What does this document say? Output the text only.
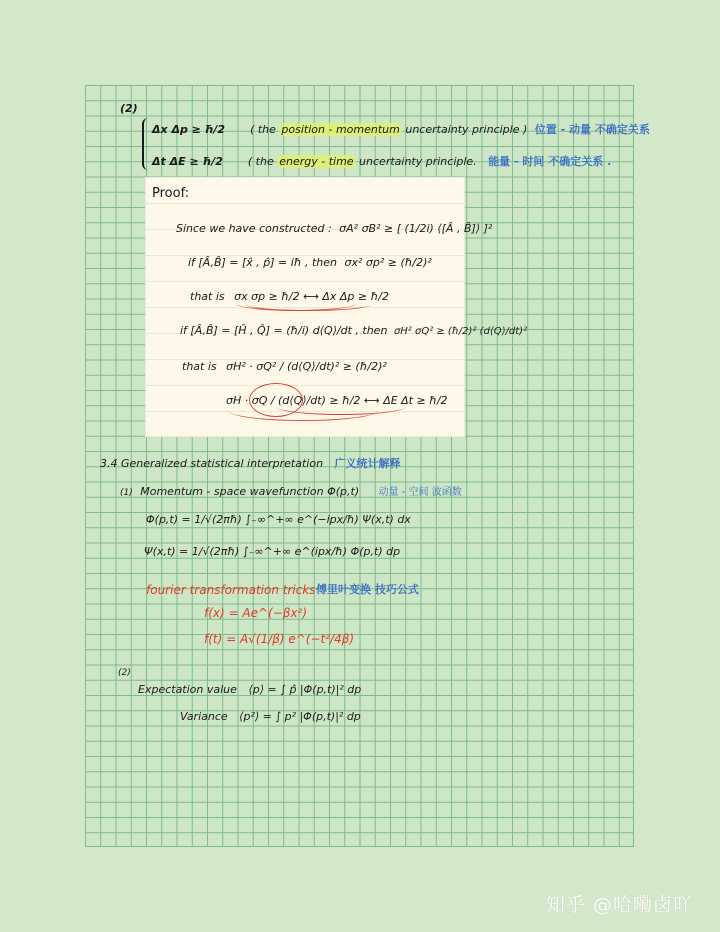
(2)
Δx Δp ≥ ħ/2 ( the position - momentum uncertainty principle ) 位置 - 动量 不确定关系
Δt ΔE ≥ ħ/2 ( the energy - time uncertainty principle. 能量 - 时间 不确定关系 .
Proof:
Since we have constructed : σA² σB² ≥ [ (1/2i) ⟨[Â , B̂]⟩ ]²
if [Â,B̂] = [x̂ , p̂] = iħ , then σx² σp² ≥ (ħ/2)²
that is σx σp ≥ ħ/2 ⟷ Δx Δp ≥ ħ/2
if [Â,B̂] = [Ĥ , Q̂] = (ħ/i) d⟨Q⟩/dt , then σH² σQ² ≥ (ħ/2)² (d⟨Q⟩/dt)²
that is σH² · σQ² / (d⟨Q⟩/dt)² ≥ (ħ/2)²
σH · σQ / (d⟨Q⟩/dt) ≥ ħ/2 ⟷ ΔE Δt ≥ ħ/2
3.4 Generalized statistical interpretation 广义统计解释
(1) Momentum - space wavefunction Φ(p,t) 动量 - 空间 波函数
Φ(p,t) = 1/√(2πħ) ∫₋∞^+∞ e^(−ipx/ħ) Ψ(x,t) dx
Ψ(x,t) = 1/√(2πħ) ∫₋∞^+∞ e^(ipx/ħ) Φ(p,t) dp
fourier transformation tricks 傅里叶变换 技巧公式
f(x) = Ae^(−βx²)
f(t) = A√(1/β) e^(−t²/4β)
(2)
Expectation value ⟨p⟩ = ∫ p̂ |Φ(p,t)|² dp
Variance ⟨p²⟩ = ∫ p² |Φ(p,t)|² dp
知乎 @哈嘞卤吖
